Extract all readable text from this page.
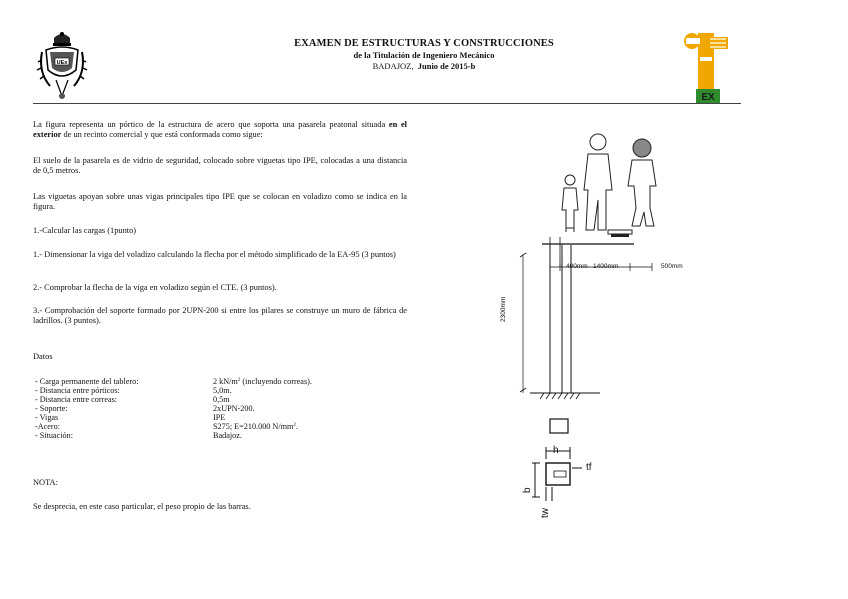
UEx
EXAMEN DE ESTRUCTURAS Y CONSTRUCCIONES
de la Titulación de Ingeniero Mecánico
BADAJOZ, Junio de 2015-b
EX
La figura representa un pórtico de la estructura de acero que soporta una pasarela peatonal situada en el exterior de un recinto comercial y que está conformada como sigue:
El suelo de la pasarela es de vidrio de seguridad, colocado sobre viguetas tipo IPE, colocadas a una distancia de 0,5 metros.
Las viguetas apoyan sobre unas vigas principales tipo IPE que se colocan en voladizo como se indica en la figura.
1.-Calcular las cargas (1punto)
1.- Dimensionar la viga del voladizo calculando la flecha por el método simplificado de la EA-95 (3 puntos)
2.- Comprobar la flecha de la viga en voladizo según el CTE. (3 puntos).
3.- Comprobación del soporte formado por 2UPN-200 si entre los pilares se construye un muro de fábrica de ladrillos. (3 puntos).
Datos
- Carga permanente del tablero:	2 $kN/m^2$ (incluyendo correas).
- Distancia entre pórticos:	5,0m.
- Distancia entre correas:	0,5m
- Soporte:	2xUPN-200.
- Vigas	IPE
-Acero:	S275; E=210.000 $N/mm^2$.
- Situación:	Badajoz.
NOTA:
Se desprecia, en este caso particular, el peso propio de las barras.
400mm 1400mm	500mm
2300mm
h
tf
b
tw
